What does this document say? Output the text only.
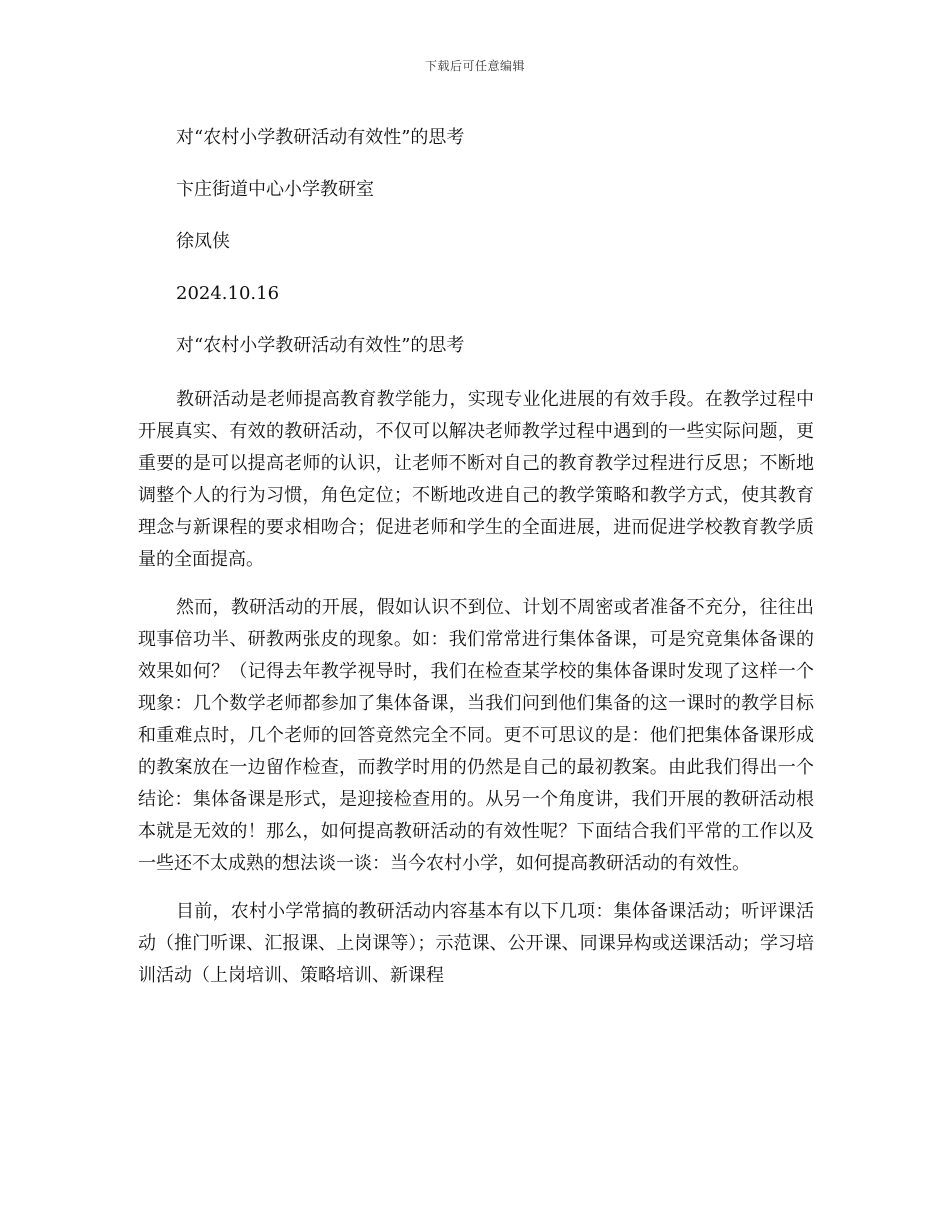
下载后可任意编辑

对“农村小学教研活动有效性”的思考

卞庄街道中心小学教研室

徐凤侠

2024.10.16

对“农村小学教研活动有效性”的思考

教研活动是老师提高教育教学能力，实现专业化进展的有效手段。在教学过程中开展真实、有效的教研活动，不仅可以解决老师教学过程中遇到的一些实际问题，更重要的是可以提高老师的认识，让老师不断对自己的教育教学过程进行反思；不断地调整个人的行为习惯，角色定位；不断地改进自己的教学策略和教学方式，使其教育理念与新课程的要求相吻合；促进老师和学生的全面进展，进而促进学校教育教学质量的全面提高。

然而，教研活动的开展，假如认识不到位、计划不周密或者准备不充分，往往出现事倍功半、研教两张皮的现象。如：我们常常进行集体备课，可是究竟集体备课的效果如何？（记得去年教学视导时，我们在检查某学校的集体备课时发现了这样一个现象：几个数学老师都参加了集体备课，当我们问到他们集备的这一课时的教学目标和重难点时，几个老师的回答竟然完全不同。更不可思议的是：他们把集体备课形成的教案放在一边留作检查，而教学时用的仍然是自己的最初教案。由此我们得出一个结论：集体备课是形式，是迎接检查用的。从另一个角度讲，我们开展的教研活动根本就是无效的！那么，如何提高教研活动的有效性呢？下面结合我们平常的工作以及一些还不太成熟的想法谈一谈：当今农村小学，如何提高教研活动的有效性。

目前，农村小学常搞的教研活动内容基本有以下几项：集体备课活动；听评课活动（推门听课、汇报课、上岗课等）；示范课、公开课、同课异构或送课活动；学习培训活动（上岗培训、策略培训、新课程
